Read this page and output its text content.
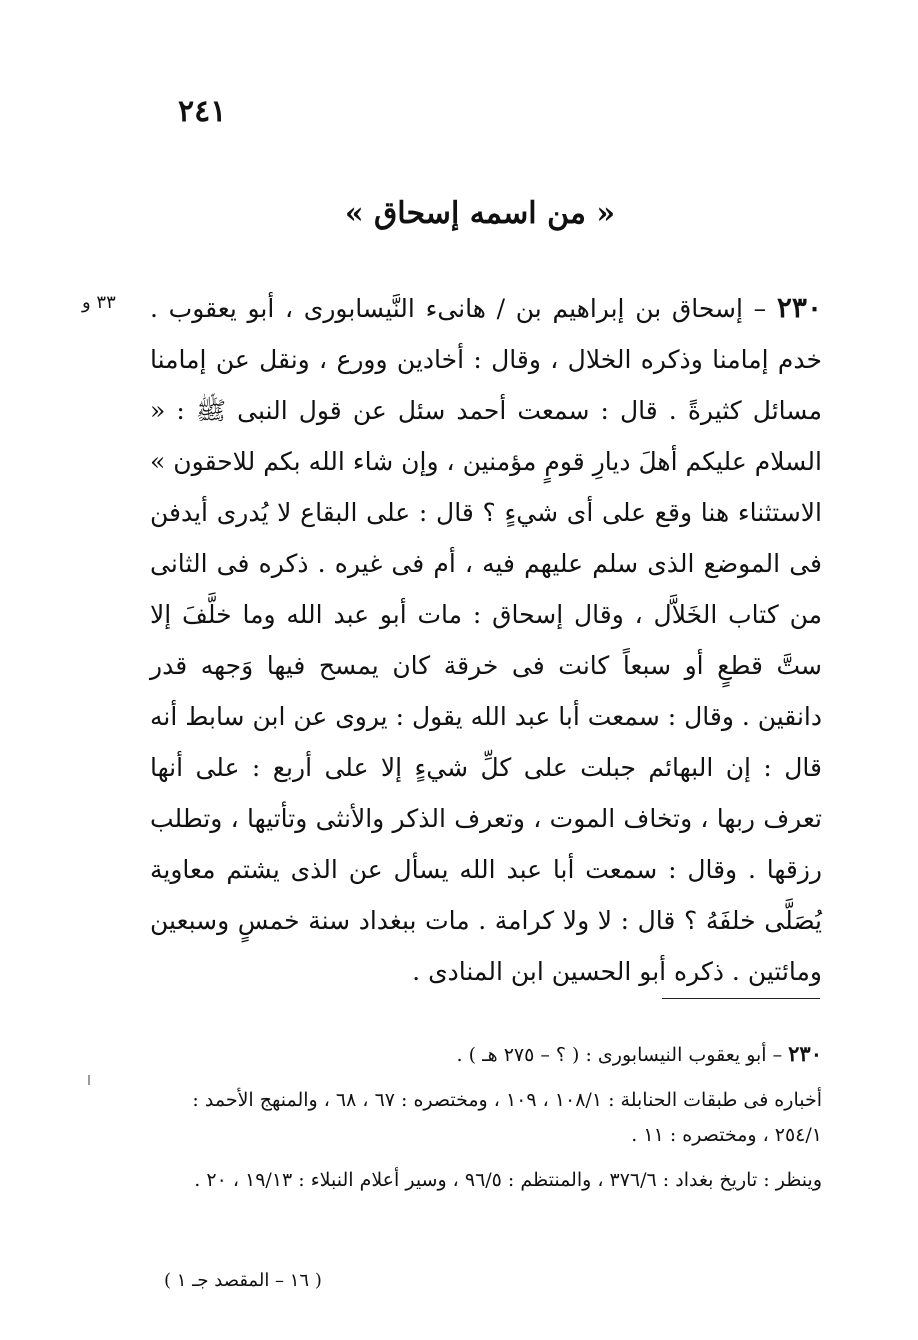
٢٤١
« من اسمه إسحاق »
٣٣ و	٢٣٠ – إسحاق بن إبراهيم بن / هانىء النَّيسابورى ، أبو يعقوب . خدم إمامنا وذكره الخلال ، وقال : أخادين وورع ، ونقل عن إمامنا مسائل كثيرةً . قال : سمعت أحمد سئل عن قول النبى ﷺ : « السلام عليكم أهلَ ديارِ قومٍ مؤمنين ، وإن شاء الله بكم للاحقون » الاستثناء هنا وقع على أى شيءٍ ؟ قال : على البقاع لا يُدرى أيدفن فى الموضع الذى سلم عليهم فيه ، أم فى غيره . ذكره فى الثانى من كتاب الخَلاَّل ، وقال إسحاق : مات أبو عبد الله وما خلَّفَ إلا ستَّ قطعٍ أو سبعاً كانت فى خرقة كان يمسح فيها وَجهه قدر دانقين . وقال : سمعت أبا عبد الله يقول : يروى عن ابن سابط أنه قال : إن البهائم جبلت على كلِّ شيءٍ إلا على أربع : على أنها تعرف ربها ، وتخاف الموت ، وتعرف الذكر والأنثى وتأتيها ، وتطلب رزقها . وقال : سمعت أبا عبد الله يسأل عن الذى يشتم معاوية يُصَلَّى خلفَهُ ؟ قال : لا ولا كرامة . مات ببغداد سنة خمسٍ وسبعين ومائتين . ذكره أبو الحسين ابن المنادى .
٢٣٠ – أبو يعقوب النيسابورى : ( ؟ – ٢٧٥ هـ ) .
أخباره فى طبقات الحنابلة : ١٠٨/١ ، ١٠٩ ، ومختصره : ٦٧ ، ٦٨ ، والمنهج الأحمد : ٢٥٤/١ ، ومختصره : ١١ .
وينظر : تاريخ بغداد : ٣٧٦/٦ ، والمنتظم : ٩٦/٥ ، وسير أعلام النبلاء : ١٩/١٣ ، ٢٠ .
( ١٦ – المقصد جـ ١ )
